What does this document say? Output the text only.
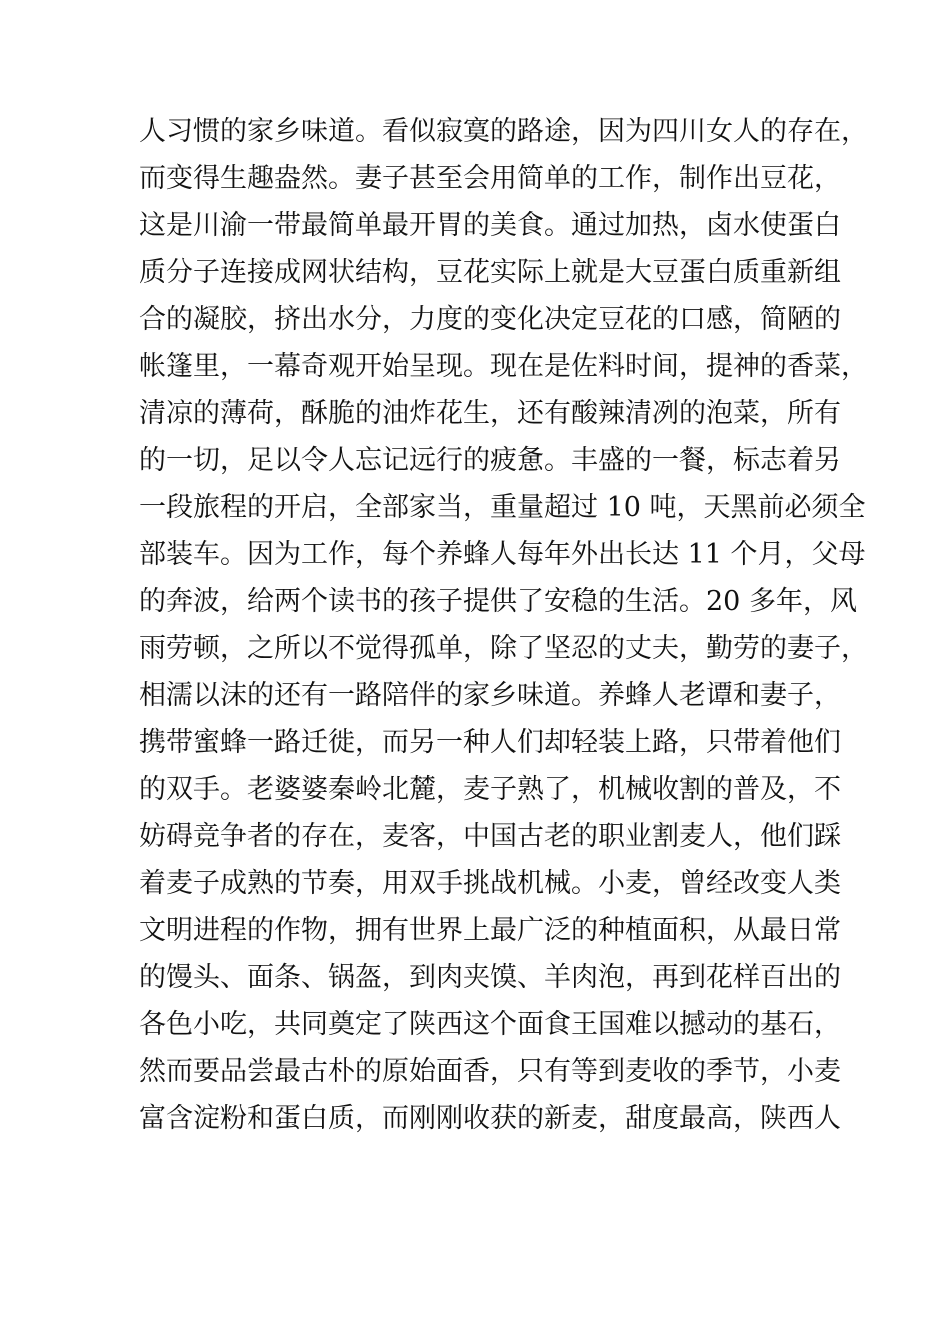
人习惯的家乡味道。看似寂寞的路途，因为四川女人的存在，
而变得生趣盎然。妻子甚至会用简单的工作，制作出豆花，
这是川渝一带最简单最开胃的美食。通过加热，卤水使蛋白
质分子连接成网状结构，豆花实际上就是大豆蛋白质重新组
合的凝胶，挤出水分，力度的变化决定豆花的口感，简陋的
帐篷里，一幕奇观开始呈现。现在是佐料时间，提神的香菜，
清凉的薄荷，酥脆的油炸花生，还有酸辣清冽的泡菜，所有
的一切，足以令人忘记远行的疲惫。丰盛的一餐，标志着另
一段旅程的开启，全部家当，重量超过 10 吨，天黑前必须全
部装车。因为工作，每个养蜂人每年外出长达 11 个月，父母
的奔波，给两个读书的孩子提供了安稳的生活。20 多年，风
雨劳顿，之所以不觉得孤单，除了坚忍的丈夫，勤劳的妻子，
相濡以沫的还有一路陪伴的家乡味道。养蜂人老谭和妻子，
携带蜜蜂一路迁徙，而另一种人们却轻装上路，只带着他们
的双手。老婆婆秦岭北麓，麦子熟了，机械收割的普及，不
妨碍竞争者的存在，麦客，中国古老的职业割麦人，他们踩
着麦子成熟的节奏，用双手挑战机械。小麦，曾经改变人类
文明进程的作物，拥有世界上最广泛的种植面积，从最日常
的馒头、面条、锅盔，到肉夹馍、羊肉泡，再到花样百出的
各色小吃，共同奠定了陕西这个面食王国难以撼动的基石，
然而要品尝最古朴的原始面香，只有等到麦收的季节，小麦
富含淀粉和蛋白质，而刚刚收获的新麦，甜度最高，陕西人
